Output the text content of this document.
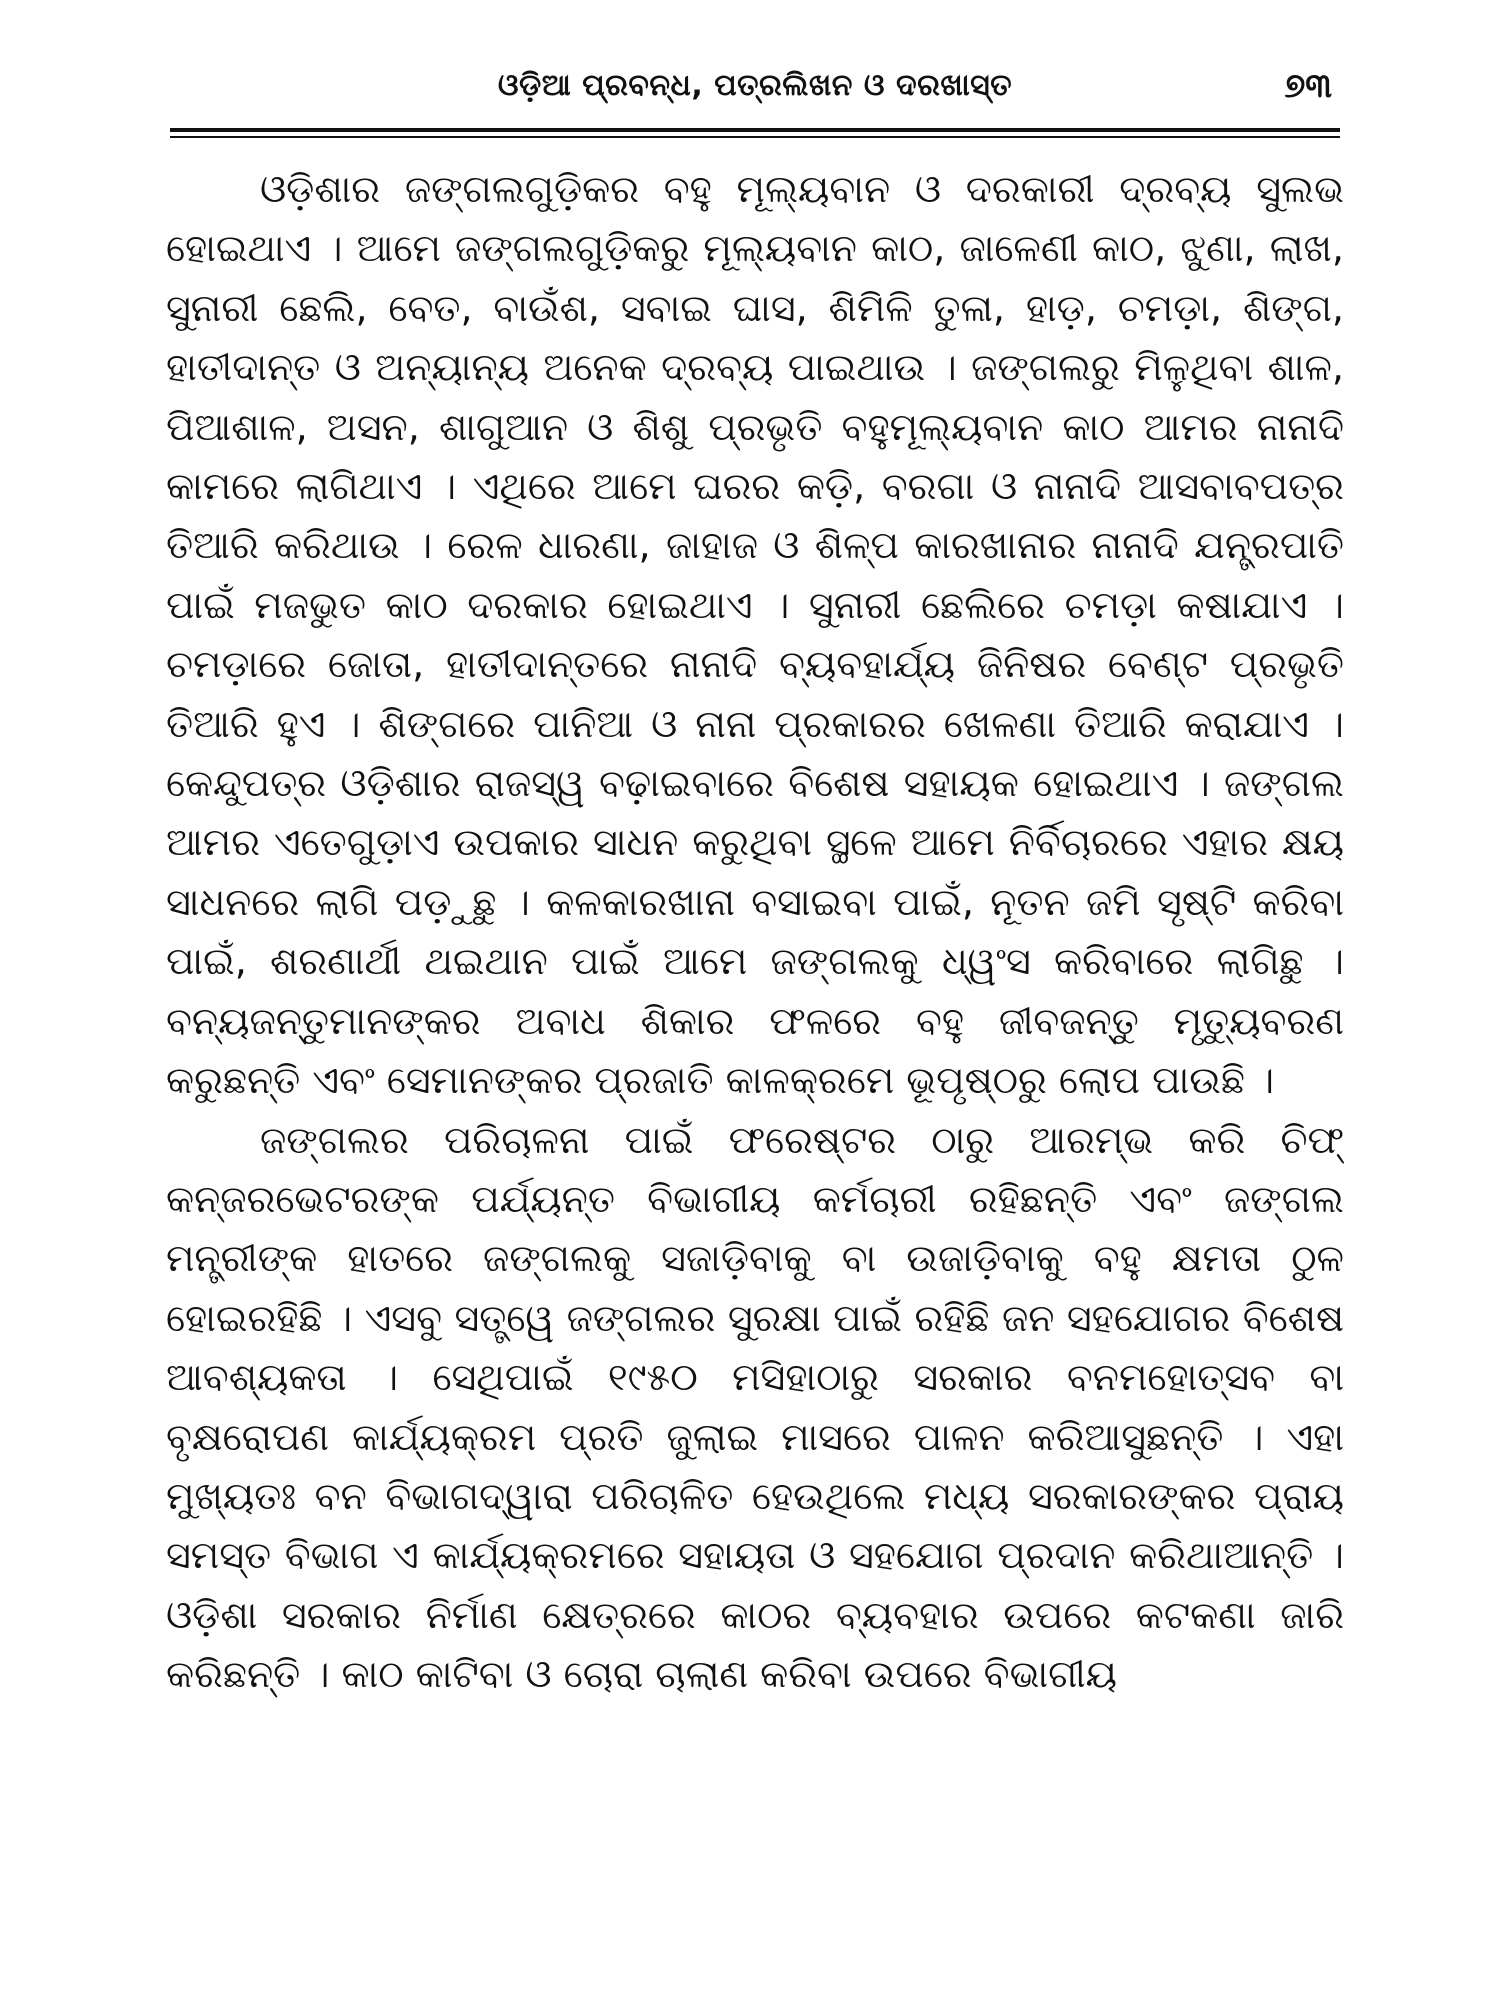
ଓଡ଼ିଆ ପ୍ରବନ୍ଧ, ପତ୍ରଲିଖନ ଓ ଦରଖାସ୍ତ	୭୩

ଓଡ଼ିଶାର ଜଙ୍ଗଲଗୁଡ଼ିକର ବହୁ ମୂଲ୍ୟବାନ ଓ ଦରକାରୀ ଦ୍ରବ୍ୟ ସୁଲଭ ହୋଇଥାଏ । ଆମେ ଜଙ୍ଗଲଗୁଡ଼ିକରୁ ମୂଲ୍ୟବାନ କାଠ, ଜାଳେଣୀ କାଠ, ଝୁଣା, ଲାଖ, ସୁନାରୀ ଛେଲି, ବେତ, ବାଉଁଶ, ସବାଇ ଘାସ, ଶିମିଳି ତୁଳା, ହାଡ଼, ଚମଡ଼ା, ଶିଙ୍ଗ, ହାତୀଦାନ୍ତ ଓ ଅନ୍ୟାନ୍ୟ ଅନେକ ଦ୍ରବ୍ୟ ପାଇଥାଉ । ଜଙ୍ଗଲରୁ ମିଳୁଥିବା ଶାଳ, ପିଆଶାଳ, ଅସନ, ଶାଗୁଆନ ଓ ଶିଶୁ ପ୍ରଭୃତି ବହୁମୂଲ୍ୟବାନ କାଠ ଆମର ନାନାଦି କାମରେ ଲାଗିଥାଏ । ଏଥିରେ ଆମେ ଘରର କଡ଼ି, ବରଗା ଓ ନାନାଦି ଆସବାବପତ୍ର ତିଆରି କରିଥାଉ । ରେଳ ଧାରଣା, ଜାହାଜ ଓ ଶିଳ୍ପ କାରଖାନାର ନାନାଦି ଯନ୍ତ୍ରପାତି ପାଇଁ ମଜଭୁତ କାଠ ଦରକାର ହୋଇଥାଏ । ସୁନାରୀ ଛେଲିରେ ଚମଡ଼ା କଷାଯାଏ । ଚମଡ଼ାରେ ଜୋତା, ହାତୀଦାନ୍ତରେ ନାନାଦି ବ୍ୟବହାର୍ଯ୍ୟ ଜିନିଷର ବେଣ୍ଟ ପ୍ରଭୃତି ତିଆରି ହୁଏ । ଶିଙ୍ଗରେ ପାନିଆ ଓ ନାନା ପ୍ରକାରର ଖେଳଣା ତିଆରି କରାଯାଏ । କେନ୍ଦୁପତ୍ର ଓଡ଼ିଶାର ରାଜସ୍ୱ ବଢ଼ାଇବାରେ ବିଶେଷ ସହାୟକ ହୋଇଥାଏ । ଜଙ୍ଗଲ ଆମର ଏତେଗୁଡ଼ାଏ ଉପକାର ସାଧନ କରୁଥିବା ସ୍ଥଳେ ଆମେ ନିର୍ବିଚାରରେ ଏହାର କ୍ଷୟ ସାଧନରେ ଲାଗି ପଡ଼ୁଛୁ । କଳକାରଖାନା ବସାଇବା ପାଇଁ, ନୂତନ ଜମି ସୃଷ୍ଟି କରିବା ପାଇଁ, ଶରଣାର୍ଥୀ ଥଇଥାନ ପାଇଁ ଆମେ ଜଙ୍ଗଲକୁ ଧ୍ୱଂସ କରିବାରେ ଲାଗିଛୁ । ବନ୍ୟଜନ୍ତୁମାନଙ୍କର ଅବାଧ ଶିକାର ଫଳରେ ବହୁ ଜୀବଜନ୍ତୁ ମୃତ୍ୟୁବରଣ କରୁଛନ୍ତି ଏବଂ ସେମାନଙ୍କର ପ୍ରଜାତି କାଳକ୍ରମେ ଭୂପୃଷ୍ଠରୁ ଲୋପ ପାଉଛି ।

ଜଙ୍ଗଲର ପରିଚାଳନା ପାଇଁ ଫରେଷ୍ଟର ଠାରୁ ଆରମ୍ଭ କରି ଚିଫ୍ କନ୍‌ଜରଭେଟରଙ୍କ ପର୍ଯ୍ୟନ୍ତ ବିଭାଗୀୟ କର୍ମଚାରୀ ରହିଛନ୍ତି ଏବଂ ଜଙ୍ଗଲ ମନ୍ତ୍ରୀଙ୍କ ହାତରେ ଜଙ୍ଗଲକୁ ସଜାଡ଼ିବାକୁ ବା ଉଜାଡ଼ିବାକୁ ବହୁ କ୍ଷମତା ଠୁଳ ହୋଇରହିଛି । ଏସବୁ ସତ୍ତ୍ୱେ ଜଙ୍ଗଲର ସୁରକ୍ଷା ପାଇଁ ରହିଛି ଜନ ସହଯୋଗର ବିଶେଷ ଆବଶ୍ୟକତା । ସେଥିପାଇଁ ୧୯୫୦ ମସିହାଠାରୁ ସରକାର ବନମହୋତ୍ସବ ବା ବୃକ୍ଷରୋପଣ କାର୍ଯ୍ୟକ୍ରମ ପ୍ରତି ଜୁଲାଇ ମାସରେ ପାଳନ କରିଆସୁଛନ୍ତି । ଏହା ମୁଖ୍ୟତଃ ବନ ବିଭାଗଦ୍ୱାରା ପରିଚାଳିତ ହେଉଥିଲେ ମଧ୍ୟ ସରକାରଙ୍କର ପ୍ରାୟ ସମସ୍ତ ବିଭାଗ ଏ କାର୍ଯ୍ୟକ୍ରମରେ ସହାୟତା ଓ ସହଯୋଗ ପ୍ରଦାନ କରିଥାଆନ୍ତି । ଓଡ଼ିଶା ସରକାର ନିର୍ମାଣ କ୍ଷେତ୍ରରେ କାଠର ବ୍ୟବହାର ଉପରେ କଟକଣା ଜାରି କରିଛନ୍ତି । କାଠ କାଟିବା ଓ ଚୋରା ଚାଲାଣ କରିବା ଉପରେ ବିଭାଗୀୟ
